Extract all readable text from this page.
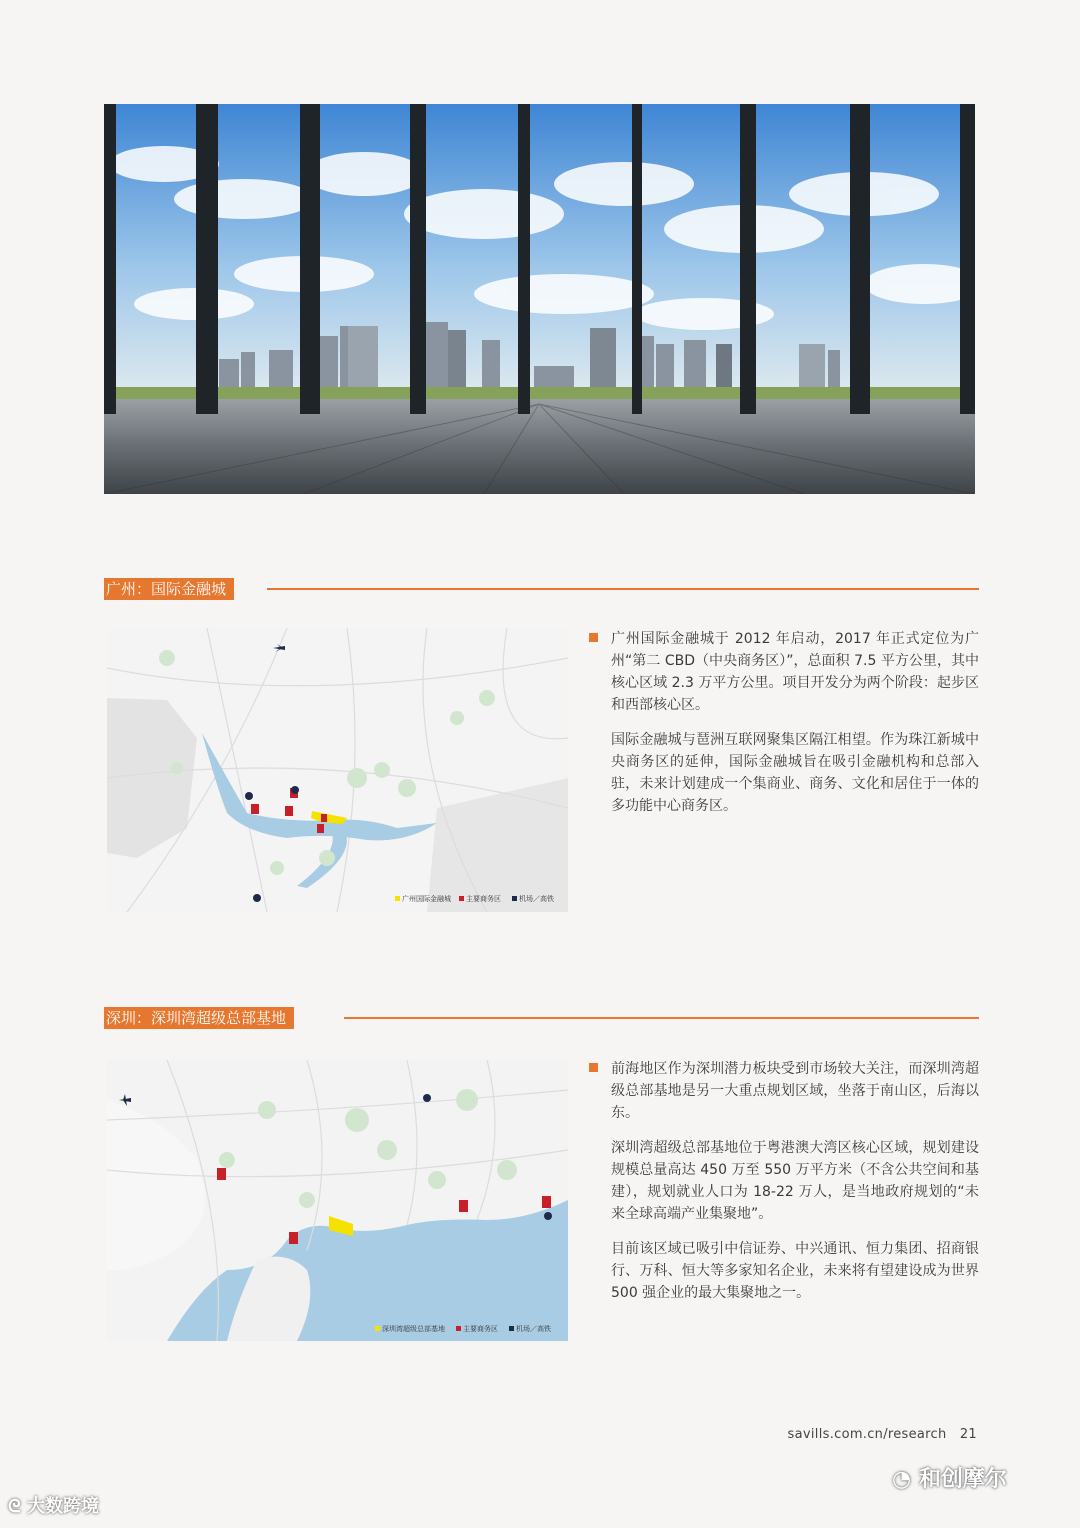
广州：国际金融城
广州国际金融城 主要商务区	机场／高铁

广州国际金融城于 2012 年启动，2017 年正式定位为广州“第二 CBD（中央商务区）”，总面积 7.5 平方公里，其中核心区域 2.3 万平方公里。项目开发分为两个阶段：起步区和西部核心区。

国际金融城与琶洲互联网聚集区隔江相望。作为珠江新城中央商务区的延伸，国际金融城旨在吸引金融机构和总部入驻，未来计划建成一个集商业、商务、文化和居住于一体的多功能中心商务区。

深圳：深圳湾超级总部基地
深圳湾超级总部基地	主要商务区	机场／高铁

前海地区作为深圳潜力板块受到市场较大关注，而深圳湾超级总部基地是另一大重点规划区域，坐落于南山区，后海以东。

深圳湾超级总部基地位于粤港澳大湾区核心区域，规划建设规模总量高达 450 万至 550 万平方米（不含公共空间和基建），规划就业人口为 18-22 万人，是当地政府规划的“未来全球高端产业集聚地”。

目前该区域已吸引中信证券、中兴通讯、恒力集团、招商银行、万科、恒大等多家知名企业，未来将有望建设成为世界 500 强企业的最大集聚地之一。

savills.com.cn/research 21
ᘓ 大数跨境
◔ 和创摩尔
